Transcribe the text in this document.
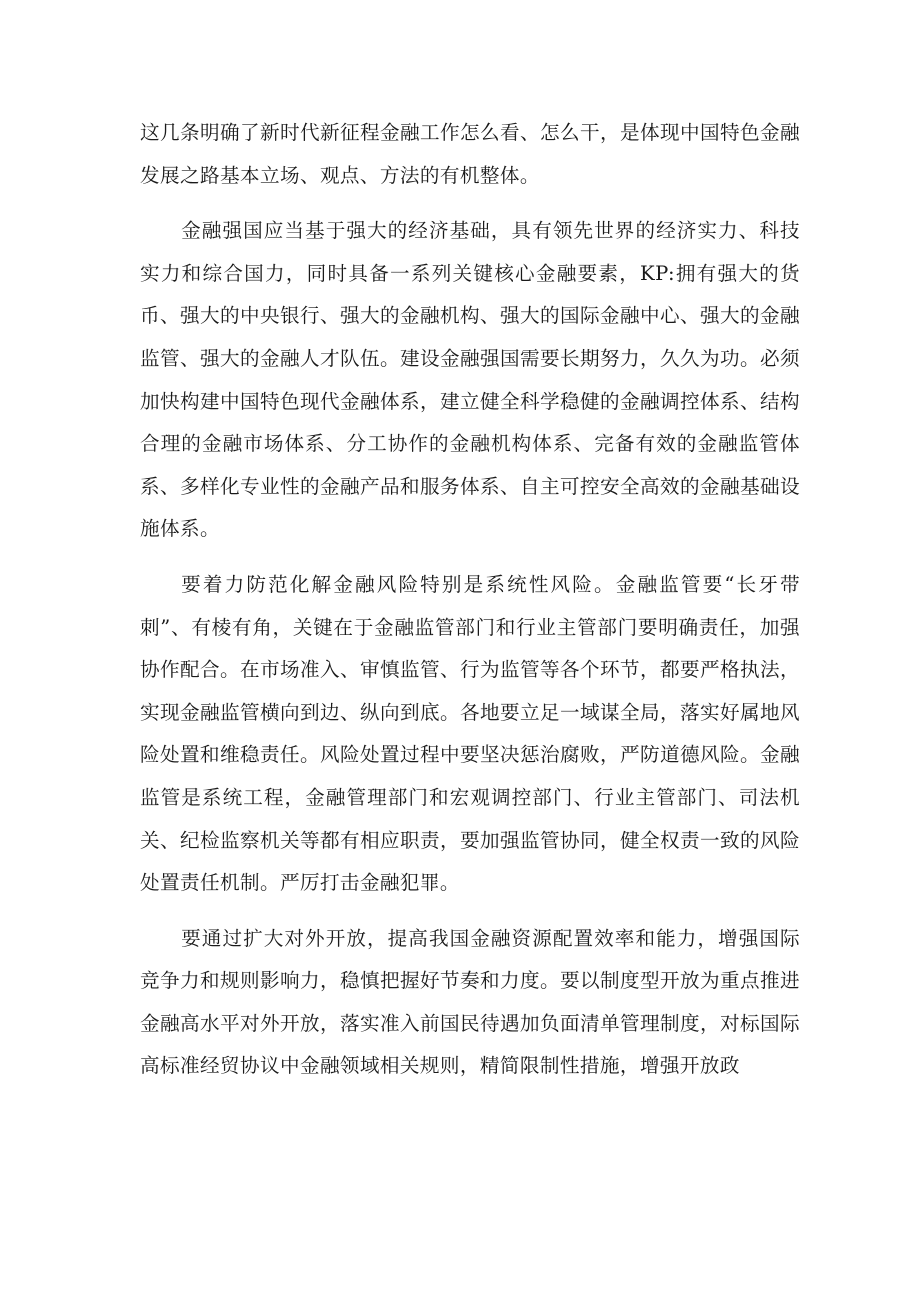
这几条明确了新时代新征程金融工作怎么看、怎么干，是体现中国特色金融发展之路基本立场、观点、方法的有机整体。

金融强国应当基于强大的经济基础，具有领先世界的经济实力、科技实力和综合国力，同时具备一系列关键核心金融要素，KP:拥有强大的货币、强大的中央银行、强大的金融机构、强大的国际金融中心、强大的金融监管、强大的金融人才队伍。建设金融强国需要长期努力，久久为功。必须加快构建中国特色现代金融体系，建立健全科学稳健的金融调控体系、结构合理的金融市场体系、分工协作的金融机构体系、完备有效的金融监管体系、多样化专业性的金融产品和服务体系、自主可控安全高效的金融基础设施体系。

要着力防范化解金融风险特别是系统性风险。金融监管要“长牙带刺”、有棱有角，关键在于金融监管部门和行业主管部门要明确责任，加强协作配合。在市场准入、审慎监管、行为监管等各个环节，都要严格执法，实现金融监管横向到边、纵向到底。各地要立足一域谋全局，落实好属地风险处置和维稳责任。风险处置过程中要坚决惩治腐败，严防道德风险。金融监管是系统工程，金融管理部门和宏观调控部门、行业主管部门、司法机关、纪检监察机关等都有相应职责，要加强监管协同，健全权责一致的风险处置责任机制。严厉打击金融犯罪。

要通过扩大对外开放，提高我国金融资源配置效率和能力，增强国际竞争力和规则影响力，稳慎把握好节奏和力度。要以制度型开放为重点推进金融高水平对外开放，落实准入前国民待遇加负面清单管理制度，对标国际高标准经贸协议中金融领域相关规则，精简限制性措施，增强开放政
